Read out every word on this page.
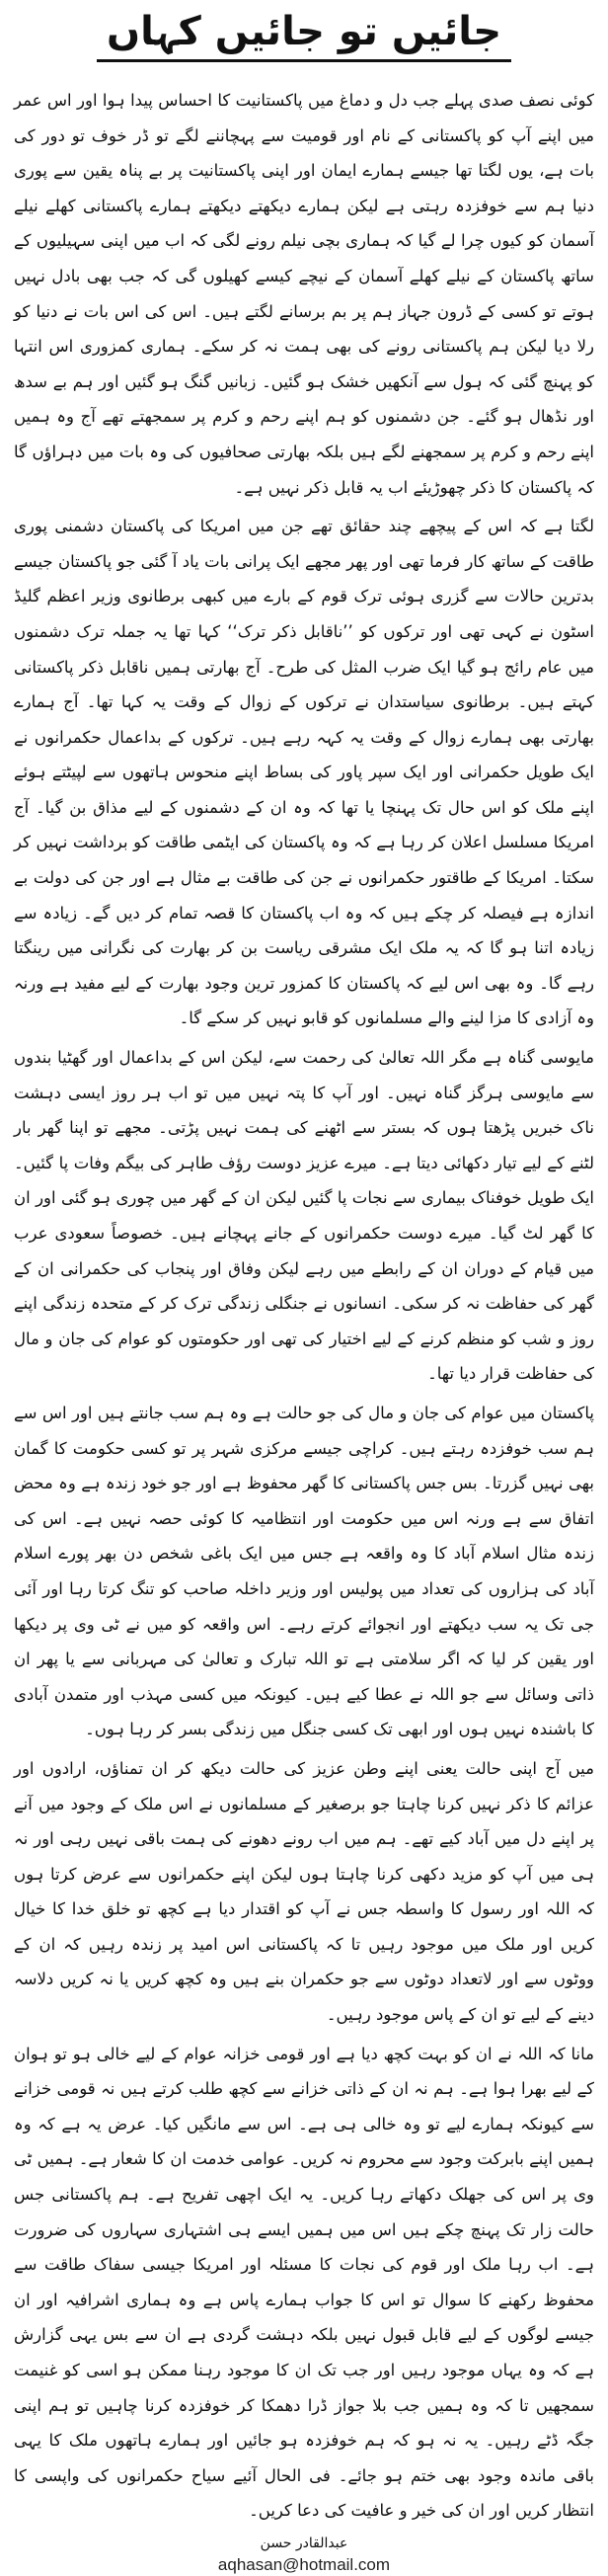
جائیں تو جائیں کہاں

کوئی نصف صدی پہلے جب دل و دماغ میں پاکستانیت کا احساس پیدا ہوا اور اس عمر میں اپنے آپ کو پاکستانی کے نام اور قومیت سے پہچاننے لگے تو ڈر خوف تو دور کی بات ہے، یوں لگتا تھا جیسے ہمارے ایمان اور اپنی پاکستانیت پر بے پناہ یقین سے پوری دنیا ہم سے خوفزدہ رہتی ہے لیکن ہمارے دیکھتے دیکھتے ہمارے پاکستانی کھلے نیلے آسمان کو کیوں چرا لے گیا کہ ہماری بچی نیلم رونے لگی کہ اب میں اپنی سہیلیوں کے ساتھ پاکستان کے نیلے کھلے آسمان کے نیچے کیسے کھیلوں گی کہ جب بھی بادل نہیں ہوتے تو کسی کے ڈرون جہاز ہم پر بم برسانے لگتے ہیں۔ اس کی اس بات نے دنیا کو رلا دیا لیکن ہم پاکستانی رونے کی بھی ہمت نہ کر سکے۔ ہماری کمزوری اس انتہا کو پہنچ گئی کہ ہول سے آنکھیں خشک ہو گئیں۔ زبانیں گنگ ہو گئیں اور ہم بے سدھ اور نڈھال ہو گئے۔ جن دشمنوں کو ہم اپنے رحم و کرم پر سمجھتے تھے آج وہ ہمیں اپنے رحم و کرم پر سمجھنے لگے ہیں بلکہ بھارتی صحافیوں کی وہ بات میں دہراؤں گا کہ پاکستان کا ذکر چھوڑیئے اب یہ قابل ذکر نہیں ہے۔

لگتا ہے کہ اس کے پیچھے چند حقائق تھے جن میں امریکا کی پاکستان دشمنی پوری طاقت کے ساتھ کار فرما تھی اور پھر مجھے ایک پرانی بات یاد آ گئی جو پاکستان جیسے بدترین حالات سے گزری ہوئی ترک قوم کے بارے میں کبھی برطانوی وزیر اعظم گلیڈ اسٹون نے کہی تھی اور ترکوں کو ’’ناقابل ذکر ترک‘‘ کہا تھا یہ جملہ ترک دشمنوں میں عام رائج ہو گیا ایک ضرب المثل کی طرح۔ آج بھارتی ہمیں ناقابل ذکر پاکستانی کہتے ہیں۔ برطانوی سیاستدان نے ترکوں کے زوال کے وقت یہ کہا تھا۔ آج ہمارے بھارتی بھی ہمارے زوال کے وقت یہ کہہ رہے ہیں۔ ترکوں کے بداعمال حکمرانوں نے ایک طویل حکمرانی اور ایک سپر پاور کی بساط اپنے منحوس ہاتھوں سے لپیٹتے ہوئے اپنے ملک کو اس حال تک پہنچا یا تھا کہ وہ ان کے دشمنوں کے لیے مذاق بن گیا۔ آج امریکا مسلسل اعلان کر رہا ہے کہ وہ پاکستان کی ایٹمی طاقت کو برداشت نہیں کر سکتا۔ امریکا کے طاقتور حکمرانوں نے جن کی طاقت بے مثال ہے اور جن کی دولت بے اندازہ ہے فیصلہ کر چکے ہیں کہ وہ اب پاکستان کا قصہ تمام کر دیں گے۔ زیادہ سے زیادہ اتنا ہو گا کہ یہ ملک ایک مشرقی ریاست بن کر بھارت کی نگرانی میں رینگتا رہے گا۔ وہ بھی اس لیے کہ پاکستان کا کمزور ترین وجود بھارت کے لیے مفید ہے ورنہ وہ آزادی کا مزا لینے والے مسلمانوں کو قابو نہیں کر سکے گا۔

مایوسی گناہ ہے مگر اللہ تعالیٰ کی رحمت سے، لیکن اس کے بداعمال اور گھٹیا بندوں سے مایوسی ہرگز گناہ نہیں۔ اور آپ کا پتہ نہیں میں تو اب ہر روز ایسی دہشت ناک خبریں پڑھتا ہوں کہ بستر سے اٹھنے کی ہمت نہیں پڑتی۔ مجھے تو اپنا گھر بار لٹنے کے لیے تیار دکھائی دیتا ہے۔ میرے عزیز دوست رؤف طاہر کی بیگم وفات پا گئیں۔ ایک طویل خوفناک بیماری سے نجات پا گئیں لیکن ان کے گھر میں چوری ہو گئی اور ان کا گھر لٹ گیا۔ میرے دوست حکمرانوں کے جانے پہچانے ہیں۔ خصوصاً سعودی عرب میں قیام کے دوران ان کے رابطے میں رہے لیکن وفاق اور پنجاب کی حکمرانی ان کے گھر کی حفاظت نہ کر سکی۔ انسانوں نے جنگلی زندگی ترک کر کے متحدہ زندگی اپنے روز و شب کو منظم کرنے کے لیے اختیار کی تھی اور حکومتوں کو عوام کی جان و مال کی حفاظت قرار دیا تھا۔

پاکستان میں عوام کی جان و مال کی جو حالت ہے وہ ہم سب جانتے ہیں اور اس سے ہم سب خوفزدہ رہتے ہیں۔ کراچی جیسے مرکزی شہر پر تو کسی حکومت کا گمان بھی نہیں گزرتا۔ بس جس پاکستانی کا گھر محفوظ ہے اور جو خود زندہ ہے وہ محض اتفاق سے ہے ورنہ اس میں حکومت اور انتظامیہ کا کوئی حصہ نہیں ہے۔ اس کی زندہ مثال اسلام آباد کا وہ واقعہ ہے جس میں ایک باغی شخص دن بھر پورے اسلام آباد کی ہزاروں کی تعداد میں پولیس اور وزیر داخلہ صاحب کو تنگ کرتا رہا اور آئی جی تک یہ سب دیکھتے اور انجوائے کرتے رہے۔ اس واقعہ کو میں نے ٹی وی پر دیکھا اور یقین کر لیا کہ اگر سلامتی ہے تو اللہ تبارک و تعالیٰ کی مہربانی سے یا پھر ان ذاتی وسائل سے جو اللہ نے عطا کیے ہیں۔ کیونکہ میں کسی مہذب اور متمدن آبادی کا باشندہ نہیں ہوں اور ابھی تک کسی جنگل میں زندگی بسر کر رہا ہوں۔

میں آج اپنی حالت یعنی اپنے وطن عزیز کی حالت دیکھ کر ان تمناؤں، ارادوں اور عزائم کا ذکر نہیں کرنا چاہتا جو برصغیر کے مسلمانوں نے اس ملک کے وجود میں آنے پر اپنے دل میں آباد کیے تھے۔ ہم میں اب رونے دھونے کی ہمت باقی نہیں رہی اور نہ ہی میں آپ کو مزید دکھی کرنا چاہتا ہوں لیکن اپنے حکمرانوں سے عرض کرتا ہوں کہ اللہ اور رسول کا واسطہ جس نے آپ کو اقتدار دیا ہے کچھ تو خلق خدا کا خیال کریں اور ملک میں موجود رہیں تا کہ پاکستانی اس امید پر زندہ رہیں کہ ان کے ووٹوں سے اور لاتعداد دوٹوں سے جو حکمران بنے ہیں وہ کچھ کریں یا نہ کریں دلاسہ دینے کے لیے تو ان کے پاس موجود رہیں۔

مانا کہ اللہ نے ان کو بہت کچھ دیا ہے اور قومی خزانہ عوام کے لیے خالی ہو تو ہوان کے لیے بھرا ہوا ہے۔ ہم نہ ان کے ذاتی خزانے سے کچھ طلب کرتے ہیں نہ قومی خزانے سے کیونکہ ہمارے لیے تو وہ خالی ہی ہے۔ اس سے مانگیں کیا۔ عرض یہ ہے کہ وہ ہمیں اپنے بابرکت وجود سے محروم نہ کریں۔ عوامی خدمت ان کا شعار ہے۔ ہمیں ٹی وی پر اس کی جھلک دکھاتے رہا کریں۔ یہ ایک اچھی تفریح ہے۔ ہم پاکستانی جس حالت زار تک پہنچ چکے ہیں اس میں ہمیں ایسے ہی اشتہاری سہاروں کی ضرورت ہے۔ اب رہا ملک اور قوم کی نجات کا مسئلہ اور امریکا جیسی سفاک طاقت سے محفوظ رکھنے کا سوال تو اس کا جواب ہمارے پاس ہے وہ ہماری اشرافیہ اور ان جیسے لوگوں کے لیے قابل قبول نہیں بلکہ دہشت گردی ہے ان سے بس یہی گزارش ہے کہ وہ یہاں موجود رہیں اور جب تک ان کا موجود رہنا ممکن ہو اسی کو غنیمت سمجھیں تا کہ وہ ہمیں جب بلا جواز ڈرا دھمکا کر خوفزدہ کرنا چاہیں تو ہم اپنی جگہ ڈٹے رہیں۔ یہ نہ ہو کہ ہم خوفزدہ ہو جائیں اور ہمارے ہاتھوں ملک کا یہی باقی ماندہ وجود بھی ختم ہو جائے۔ فی الحال آئیے سیاح حکمرانوں کی واپسی کا انتظار کریں اور ان کی خیر و عافیت کی دعا کریں۔

عبدالقادر حسن
aqhasan@hotmail.com
